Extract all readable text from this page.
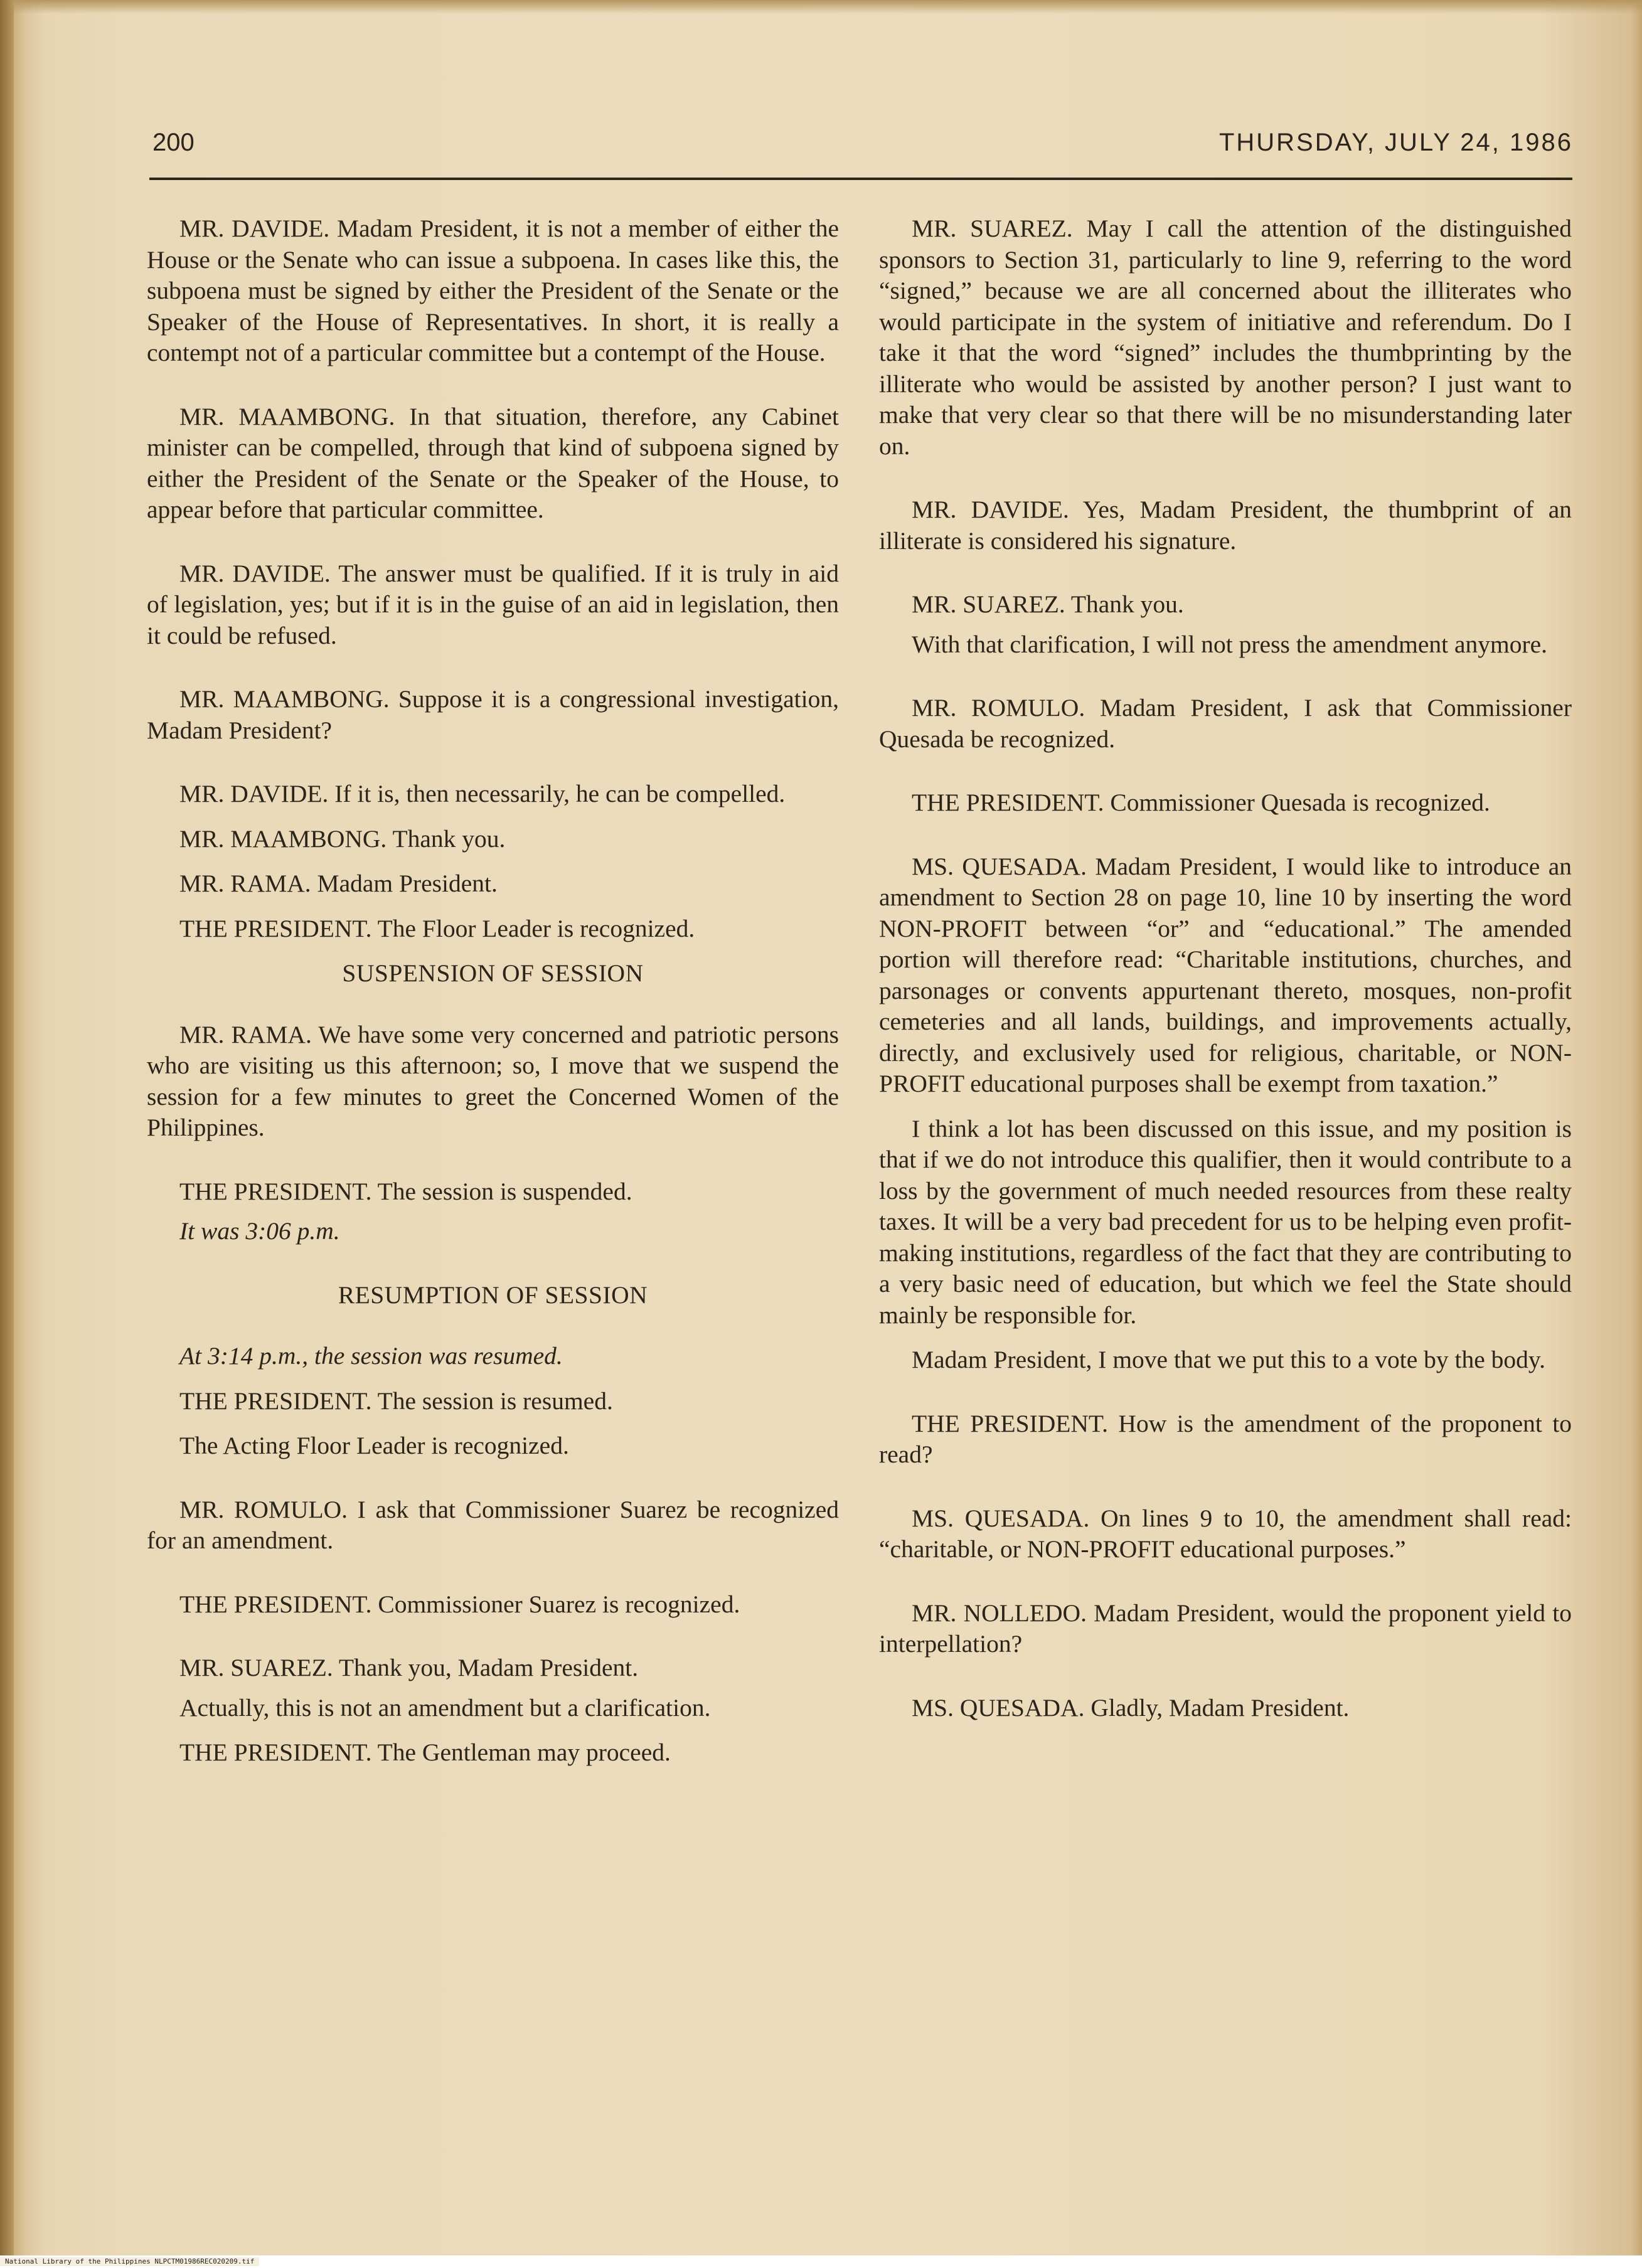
200	THURSDAY, JULY 24, 1986

MR. DAVIDE. Madam President, it is not a member of either the House or the Senate who can issue a subpoena. In cases like this, the subpoena must be signed by either the President of the Senate or the Speaker of the House of Representatives. In short, it is really a contempt not of a particular committee but a contempt of the House.

MR. MAAMBONG. In that situation, therefore, any Cabinet minister can be compelled, through that kind of subpoena signed by either the President of the Senate or the Speaker of the House, to appear before that particular committee.

MR. DAVIDE. The answer must be qualified. If it is truly in aid of legislation, yes; but if it is in the guise of an aid in legislation, then it could be refused.

MR. MAAMBONG. Suppose it is a congressional investigation, Madam President?

MR. DAVIDE. If it is, then necessarily, he can be compelled.

MR. MAAMBONG. Thank you.

MR. RAMA. Madam President.

THE PRESIDENT. The Floor Leader is recognized.

SUSPENSION OF SESSION

MR. RAMA. We have some very concerned and patriotic persons who are visiting us this afternoon; so, I move that we suspend the session for a few minutes to greet the Concerned Women of the Philippines.

THE PRESIDENT. The session is suspended.

It was 3:06 p.m.

RESUMPTION OF SESSION

At 3:14 p.m., the session was resumed.

THE PRESIDENT. The session is resumed.

The Acting Floor Leader is recognized.

MR. ROMULO. I ask that Commissioner Suarez be recognized for an amendment.

THE PRESIDENT. Commissioner Suarez is recognized.

MR. SUAREZ. Thank you, Madam President.

Actually, this is not an amendment but a clarification.

THE PRESIDENT. The Gentleman may proceed.

MR. SUAREZ. May I call the attention of the distinguished sponsors to Section 31, particularly to line 9, referring to the word “signed,” because we are all concerned about the illiterates who would participate in the system of initiative and referendum. Do I take it that the word “signed” includes the thumbprinting by the illiterate who would be assisted by another person? I just want to make that very clear so that there will be no misunderstanding later on.

MR. DAVIDE. Yes, Madam President, the thumbprint of an illiterate is considered his signature.

MR. SUAREZ. Thank you.

With that clarification, I will not press the amendment anymore.

MR. ROMULO. Madam President, I ask that Commissioner Quesada be recognized.

THE PRESIDENT. Commissioner Quesada is recognized.

MS. QUESADA. Madam President, I would like to introduce an amendment to Section 28 on page 10, line 10 by inserting the word NON-PROFIT between “or” and “educational.” The amended portion will therefore read: “Charitable institutions, churches, and parsonages or convents appurtenant thereto, mosques, non-profit cemeteries and all lands, buildings, and improvements actually, directly, and exclusively used for religious, charitable, or NON-PROFIT educational purposes shall be exempt from taxation.”

I think a lot has been discussed on this issue, and my position is that if we do not introduce this qualifier, then it would contribute to a loss by the government of much needed resources from these realty taxes. It will be a very bad precedent for us to be helping even profit-making institutions, regardless of the fact that they are contributing to a very basic need of education, but which we feel the State should mainly be responsible for.

Madam President, I move that we put this to a vote by the body.

THE PRESIDENT. How is the amendment of the proponent to read?

MS. QUESADA. On lines 9 to 10, the amendment shall read: “charitable, or NON-PROFIT educational purposes.”

MR. NOLLEDO. Madam President, would the proponent yield to interpellation?

MS. QUESADA. Gladly, Madam President.

National Library of the Philippines NLPCTM01986REC020209.tif
